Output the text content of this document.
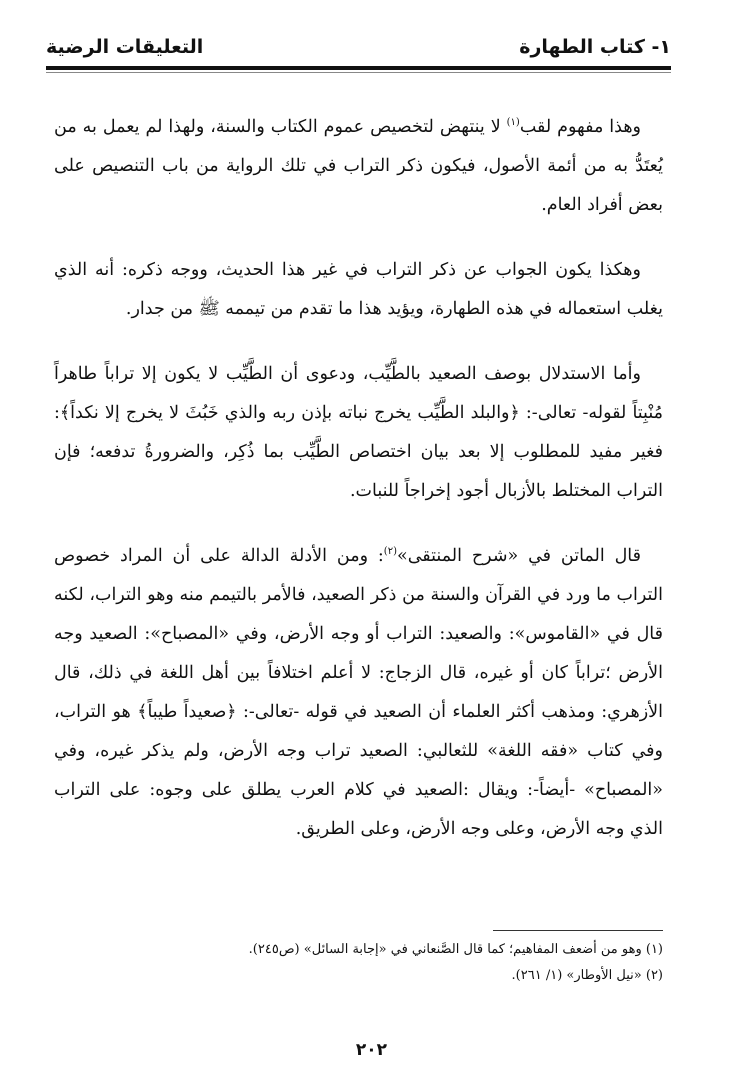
١- كتاب الطهارة
التعليقات الرضية

وهذا مفهوم لقب$^{(١)}$ لا ينتهض لتخصيص عموم الكتاب والسنة، ولهذا لم يعمل به من يُعتَدُّ به من أئمة الأصول، فيكون ذكر التراب في تلك الرواية من باب التنصيص على بعض أفراد العام.

وهكذا يكون الجواب عن ذكر التراب في غير هذا الحديث، ووجه ذكره: أنه الذي يغلب استعماله في هذه الطهارة، ويؤيد هذا ما تقدم من تيممه ﷺ من جدار.

وأما الاستدلال بوصف الصعيد بالطَّيِّب، ودعوى أن الطَّيِّب لا يكون إلا تراباً طاهراً مُنْبِتاً لقوله- تعالى-: ﴿والبلد الطَّيِّب يخرج نباته بإذن ربه والذي خَبُثَ لا يخرج إلا نكداً﴾: فغير مفيد للمطلوب إلا بعد بيان اختصاص الطَّيِّب بما ذُكِر، والضرورةُ تدفعه؛ فإن التراب المختلط بالأزبال أجود إخراجاً للنبات.

قال الماتن في «شرح المنتقى»$^{(٢)}$: ومن الأدلة الدالة على أن المراد خصوص التراب ما ورد في القرآن والسنة من ذكر الصعيد، فالأمر بالتيمم منه وهو التراب، لكنه قال في «القاموس»: والصعيد: التراب أو وجه الأرض، وفي «المصباح»: الصعيد وجه الأرض ؛تراباً كان أو غيره، قال الزجاج: لا أعلم اختلافاً بين أهل اللغة في ذلك، قال الأزهري: ومذهب أكثر العلماء أن الصعيد في قوله -تعالى-: ﴿صعيداً طيباً﴾ هو التراب، وفي كتاب «فقه اللغة» للثعالبي: الصعيد تراب وجه الأرض، ولم يذكر غيره، وفي «المصباح» -أيضاً-: ويقال :الصعيد في كلام العرب يطلق على وجوه: على التراب الذي وجه الأرض، وعلى وجه الأرض، وعلى الطريق.

(١) وهو من أضعف المفاهيم؛ كما قال الصَّنعاني في «إجابة السائل» (ص٢٤٥).

(٢) «نيل الأوطار» (١/ ٢٦١).

٢٠٢
